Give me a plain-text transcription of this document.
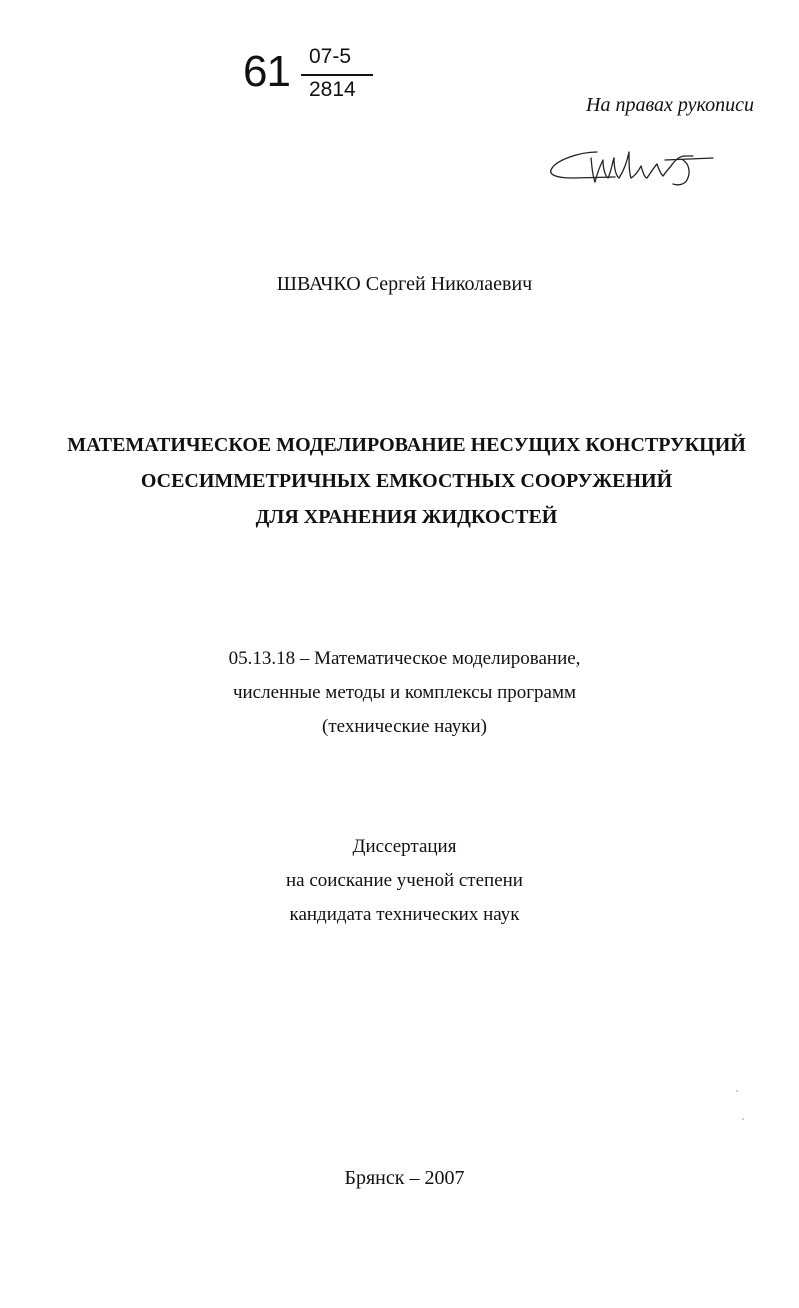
61 07-5
2814
На правах рукописи
ШВАЧКО Сергей Николаевич
МАТЕМАТИЧЕСКОЕ МОДЕЛИРОВАНИЕ НЕСУЩИХ КОНСТРУКЦИЙ
ОСЕСИММЕТРИЧНЫХ ЕМКОСТНЫХ СООРУЖЕНИЙ
ДЛЯ ХРАНЕНИЯ ЖИДКОСТЕЙ
05.13.18 – Математическое моделирование,
численные методы и комплексы программ
(технические науки)
Диссертация
на соискание ученой степени
кандидата технических наук
Брянск – 2007
